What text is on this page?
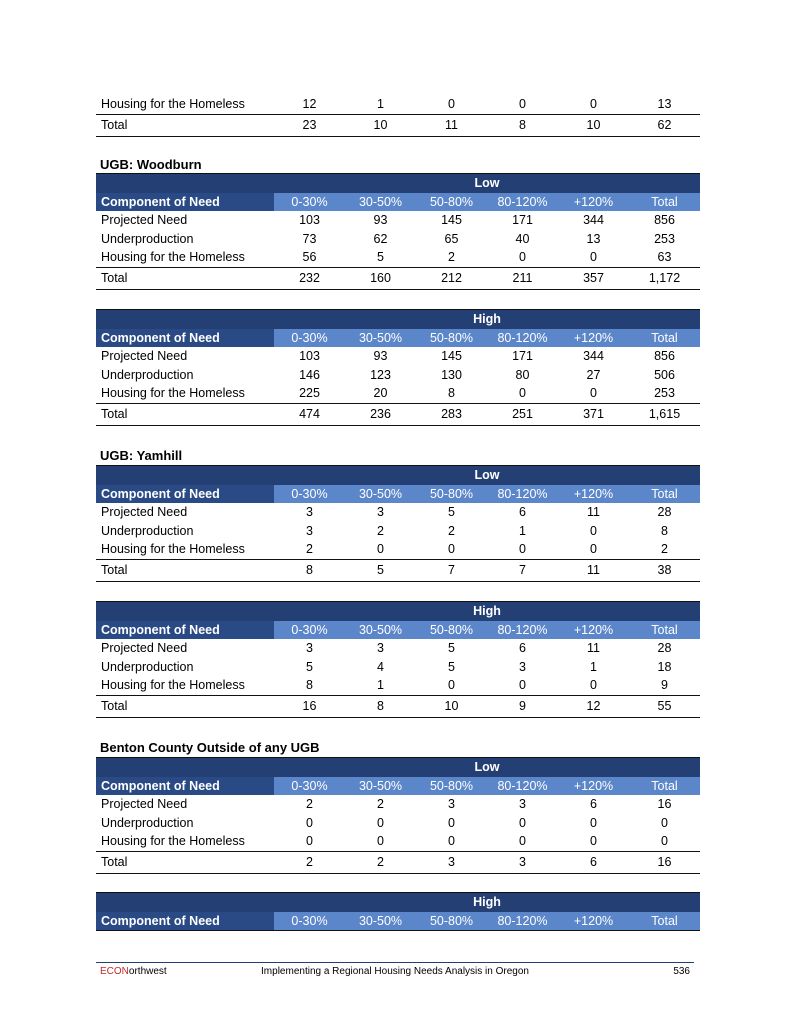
Housing for the Homeless	12	1	0	0	0	13
Total	23	10	11	8	10	62
UGB: Woodburn
			Low			
Component of Need	0-30%	30-50%	50-80%	80-120%	+120%	Total
Projected Need	103	93	145	171	344	856
Underproduction	73	62	65	40	13	253
Housing for the Homeless	56	5	2	0	0	63
Total	232	160	212	211	357	1,172
			High			
Component of Need	0-30%	30-50%	50-80%	80-120%	+120%	Total
Projected Need	103	93	145	171	344	856
Underproduction	146	123	130	80	27	506
Housing for the Homeless	225	20	8	0	0	253
Total	474	236	283	251	371	1,615
UGB: Yamhill
			Low			
Component of Need	0-30%	30-50%	50-80%	80-120%	+120%	Total
Projected Need	3	3	5	6	11	28
Underproduction	3	2	2	1	0	8
Housing for the Homeless	2	0	0	0	0	2
Total	8	5	7	7	11	38
			High			
Component of Need	0-30%	30-50%	50-80%	80-120%	+120%	Total
Projected Need	3	3	5	6	11	28
Underproduction	5	4	5	3	1	18
Housing for the Homeless	8	1	0	0	0	9
Total	16	8	10	9	12	55
Benton County Outside of any UGB
			Low			
Component of Need	0-30%	30-50%	50-80%	80-120%	+120%	Total
Projected Need	2	2	3	3	6	16
Underproduction	0	0	0	0	0	0
Housing for the Homeless	0	0	0	0	0	0
Total	2	2	3	3	6	16
			High			
Component of Need	0-30%	30-50%	50-80%	80-120%	+120%	Total
ECONorthwest	Implementing a Regional Housing Needs Analysis in Oregon	536
